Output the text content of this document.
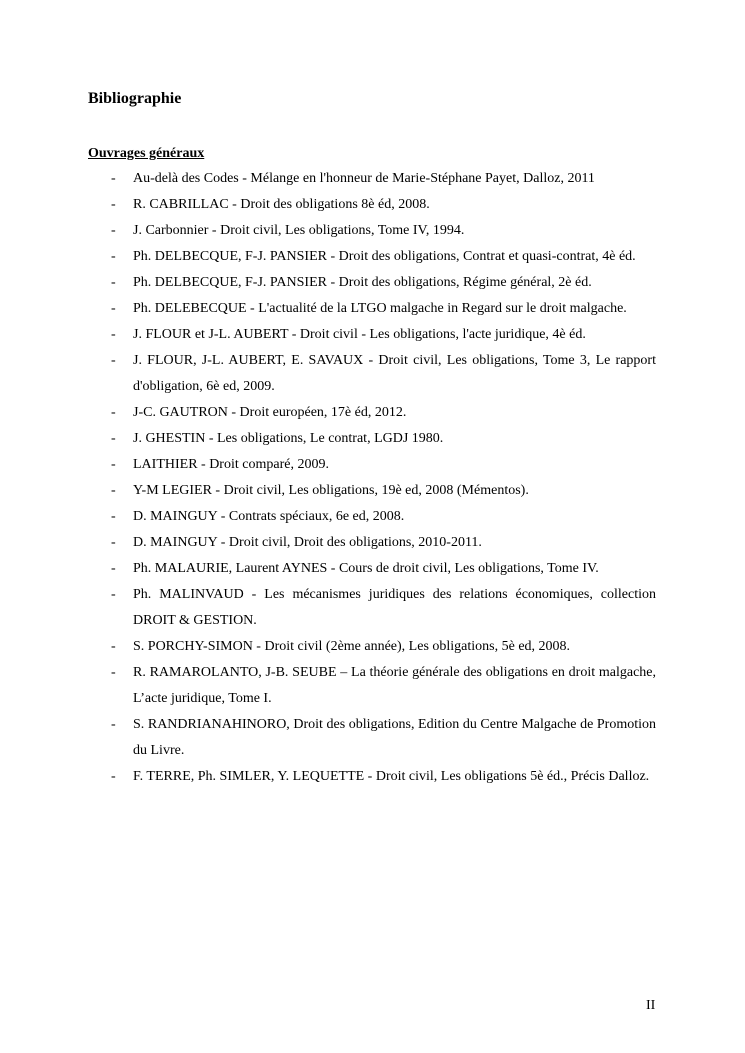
Bibliographie
Ouvrages généraux
- Au-delà des Codes - Mélange en l'honneur de Marie-Stéphane Payet, Dalloz, 2011
- R. CABRILLAC - Droit des obligations 8è éd, 2008.
- J. Carbonnier - Droit civil, Les obligations, Tome IV, 1994.
- Ph. DELBECQUE, F-J. PANSIER - Droit des obligations, Contrat et quasi-contrat, 4è éd.
- Ph. DELBECQUE, F-J. PANSIER - Droit des obligations, Régime général, 2è éd.
- Ph. DELEBECQUE - L'actualité de la LTGO malgache in Regard sur le droit malgache.
- J. FLOUR et J-L. AUBERT - Droit civil - Les obligations, l'acte juridique, 4è éd.
- J. FLOUR, J-L. AUBERT, E. SAVAUX - Droit civil, Les obligations, Tome 3, Le rapport d'obligation, 6è ed, 2009.
- J-C. GAUTRON - Droit européen, 17è éd, 2012.
- J. GHESTIN - Les obligations, Le contrat, LGDJ 1980.
- LAITHIER - Droit comparé, 2009.
- Y-M LEGIER - Droit civil, Les obligations, 19è ed, 2008 (Mémentos).
- D. MAINGUY - Contrats spéciaux, 6e ed, 2008.
- D. MAINGUY - Droit civil, Droit des obligations, 2010-2011.
- Ph. MALAURIE, Laurent AYNES - Cours de droit civil, Les obligations, Tome IV.
- Ph. MALINVAUD - Les mécanismes juridiques des relations économiques, collection DROIT & GESTION.
- S. PORCHY-SIMON - Droit civil (2ème année), Les obligations, 5è ed, 2008.
- R. RAMAROLANTO, J-B. SEUBE – La théorie générale des obligations en droit malgache, L’acte juridique, Tome I.
- S. RANDRIANAHINORO, Droit des obligations, Edition du Centre Malgache de Promotion du Livre.
- F. TERRE, Ph. SIMLER, Y. LEQUETTE - Droit civil, Les obligations 5è éd., Précis Dalloz.
II
